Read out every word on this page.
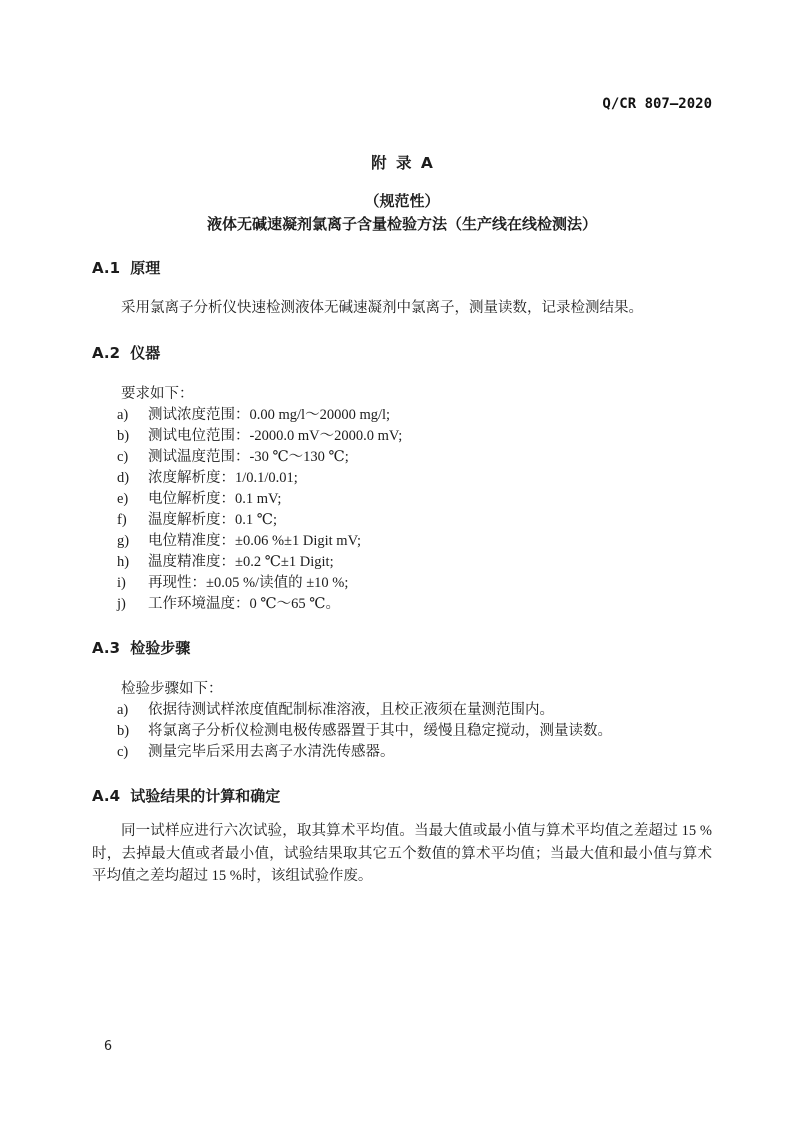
Q/CR 807—2020
附 录 A
（规范性）
液体无碱速凝剂氯离子含量检验方法（生产线在线检测法）
A.1 原理

采用氯离子分析仪快速检测液体无碱速凝剂中氯离子，测量读数，记录检测结果。

A.2 仪器

要求如下：

a)	测试浓度范围：0.00 mg/l～20000 mg/l;
b)	测试电位范围：-2000.0 mV～2000.0 mV;
c)	测试温度范围：-30 ℃～130 ℃;
d)	浓度解析度：1/0.1/0.01;
e)	电位解析度：0.1 mV;
f)	温度解析度：0.1 ℃;
g)	电位精准度：±0.06 %±1 Digit mV;
h)	温度精准度：±0.2 ℃±1 Digit;
i)	再现性：±0.05 %/读值的 ±10 %;
j)	工作环境温度：0 ℃～65 ℃。
A.3 检验步骤

检验步骤如下：

a)	依据待测试样浓度值配制标准溶液，且校正液须在量测范围内。
b)	将氯离子分析仪检测电极传感器置于其中，缓慢且稳定搅动，测量读数。
c)	测量完毕后采用去离子水清洗传感器。
A.4 试验结果的计算和确定

同一试样应进行六次试验，取其算术平均值。当最大值或最小值与算术平均值之差超过 15 %时，去掉最大值或者最小值，试验结果取其它五个数值的算术平均值；当最大值和最小值与算术平均值之差均超过 15 %时，该组试验作废。

6
